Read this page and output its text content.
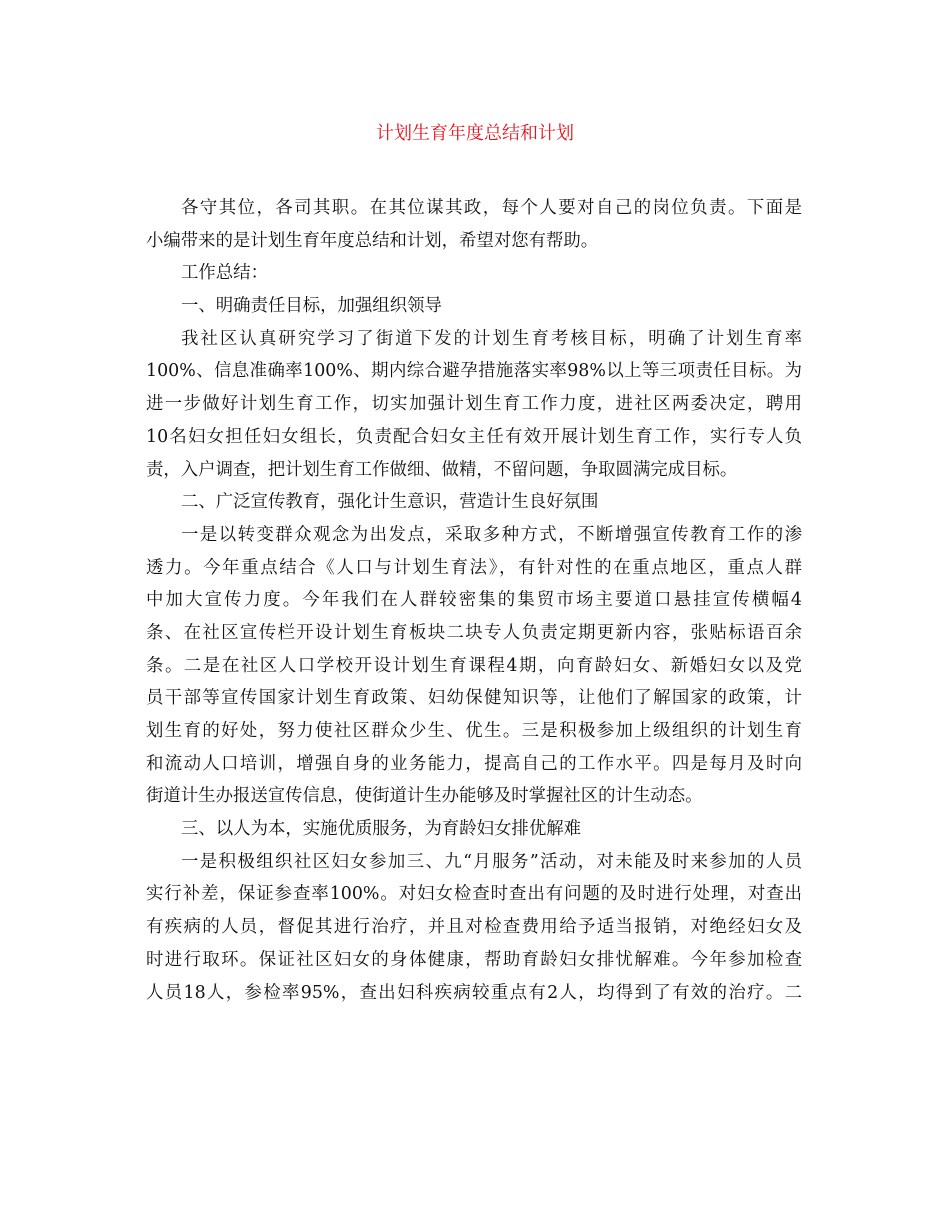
计划生育年度总结和计划
各守其位，各司其职。在其位谋其政，每个人要对自己的岗位负责。下面是
小编带来的是计划生育年度总结和计划，希望对您有帮助。
工作总结：
一、明确责任目标，加强组织领导
我社区认真研究学习了街道下发的计划生育考核目标，明确了计划生育率
100%、信息准确率100%、期内综合避孕措施落实率98%以上等三项责任目标。为
进一步做好计划生育工作，切实加强计划生育工作力度，进社区两委决定，聘用
10名妇女担任妇女组长，负责配合妇女主任有效开展计划生育工作，实行专人负
责，入户调查，把计划生育工作做细、做精，不留问题，争取圆满完成目标。
二、广泛宣传教育，强化计生意识，营造计生良好氛围
一是以转变群众观念为出发点，采取多种方式，不断增强宣传教育工作的渗
透力。今年重点结合《人口与计划生育法》，有针对性的在重点地区，重点人群
中加大宣传力度。今年我们在人群较密集的集贸市场主要道口悬挂宣传横幅4
条、在社区宣传栏开设计划生育板块二块专人负责定期更新内容，张贴标语百余
条。二是在社区人口学校开设计划生育课程4期，向育龄妇女、新婚妇女以及党
员干部等宣传国家计划生育政策、妇幼保健知识等，让他们了解国家的政策，计
划生育的好处，努力使社区群众少生、优生。三是积极参加上级组织的计划生育
和流动人口培训，增强自身的业务能力，提高自己的工作水平。四是每月及时向
街道计生办报送宣传信息，使街道计生办能够及时掌握社区的计生动态。
三、以人为本，实施优质服务，为育龄妇女排优解难
一是积极组织社区妇女参加三、九“月服务”活动，对未能及时来参加的人员
实行补差，保证参查率100%。对妇女检查时查出有问题的及时进行处理，对查出
有疾病的人员，督促其进行治疗，并且对检查费用给予适当报销，对绝经妇女及
时进行取环。保证社区妇女的身体健康，帮助育龄妇女排忧解难。今年参加检查
人员18人，参检率95%，查出妇科疾病较重点有2人，均得到了有效的治疗。二
